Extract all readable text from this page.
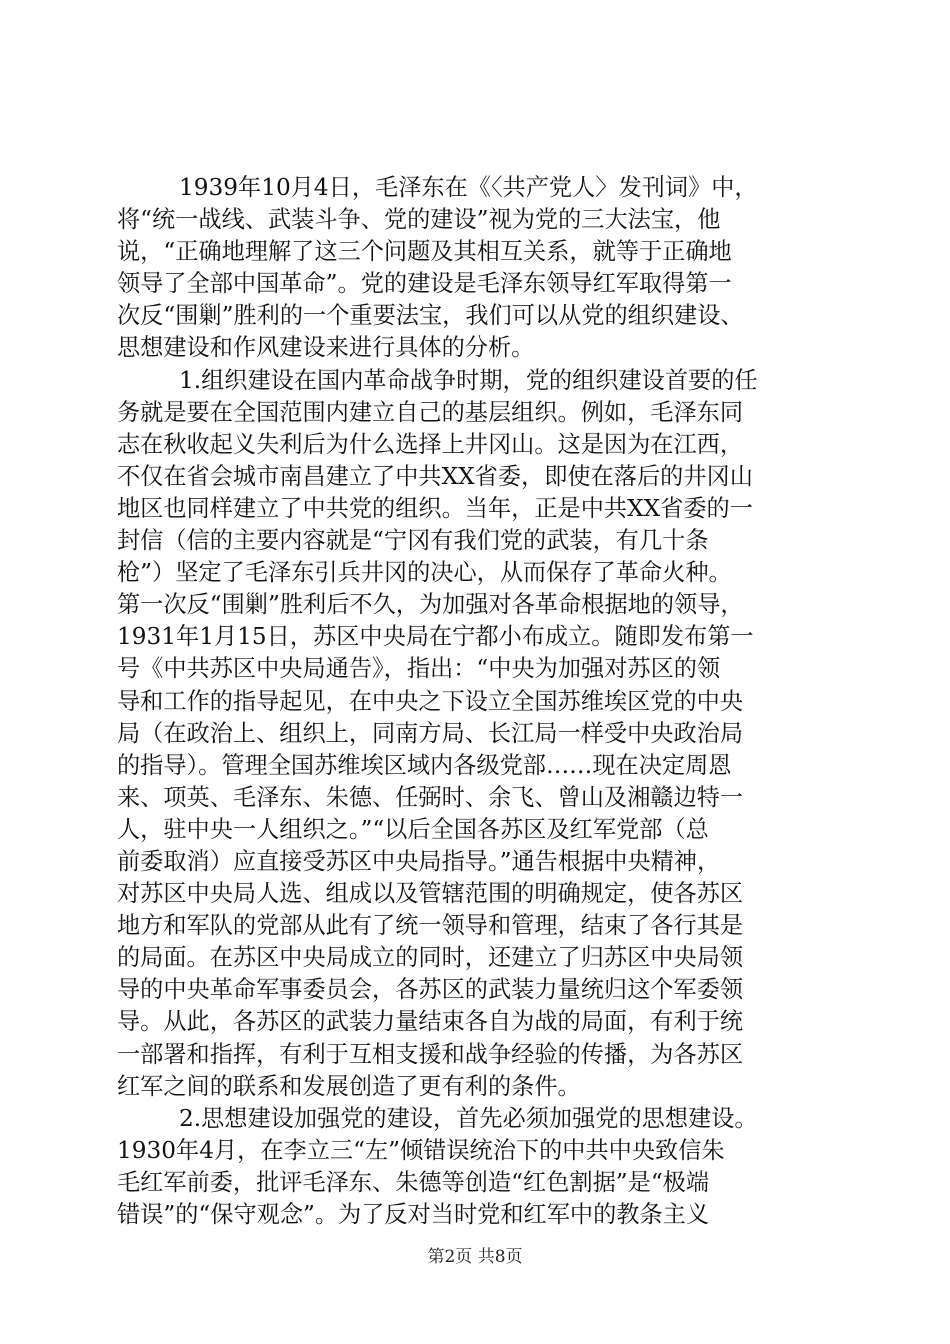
1939年10月4日，毛泽东在《〈共产党人〉发刊词》中，
将“统一战线、武装斗争、党的建设”视为党的三大法宝，他
说，“正确地理解了这三个问题及其相互关系，就等于正确地
领导了全部中国革命”。党的建设是毛泽东领导红军取得第一
次反“围剿”胜利的一个重要法宝，我们可以从党的组织建设、
思想建设和作风建设来进行具体的分析。
1.组织建设在国内革命战争时期，党的组织建设首要的任
务就是要在全国范围内建立自己的基层组织。例如，毛泽东同
志在秋收起义失利后为什么选择上井冈山。这是因为在江西，
不仅在省会城市南昌建立了中共XX省委，即使在落后的井冈山
地区也同样建立了中共党的组织。当年，正是中共XX省委的一
封信（信的主要内容就是“宁冈有我们党的武装，有几十条
枪”）坚定了毛泽东引兵井冈的决心，从而保存了革命火种。
第一次反“围剿”胜利后不久，为加强对各革命根据地的领导，
1931年1月15日，苏区中央局在宁都小布成立。随即发布第一
号《中共苏区中央局通告》，指出：“中央为加强对苏区的领
导和工作的指导起见，在中央之下设立全国苏维埃区党的中央
局（在政治上、组织上，同南方局、长江局一样受中央政治局
的指导）。管理全国苏维埃区域内各级党部……现在决定周恩
来、项英、毛泽东、朱德、任弼时、余飞、曾山及湘赣边特一
人，驻中央一人组织之。”“以后全国各苏区及红军党部（总
前委取消）应直接受苏区中央局指导。”通告根据中央精神，
对苏区中央局人选、组成以及管辖范围的明确规定，使各苏区
地方和军队的党部从此有了统一领导和管理，结束了各行其是
的局面。在苏区中央局成立的同时，还建立了归苏区中央局领
导的中央革命军事委员会，各苏区的武装力量统归这个军委领
导。从此，各苏区的武装力量结束各自为战的局面，有利于统
一部署和指挥，有利于互相支援和战争经验的传播，为各苏区
红军之间的联系和发展创造了更有利的条件。
2.思想建设加强党的建设，首先必须加强党的思想建设。
1930年4月，在李立三“左”倾错误统治下的中共中央致信朱
毛红军前委，批评毛泽东、朱德等创造“红色割据”是“极端
错误”的“保守观念”。为了反对当时党和红军中的教条主义
第2页 共8页
